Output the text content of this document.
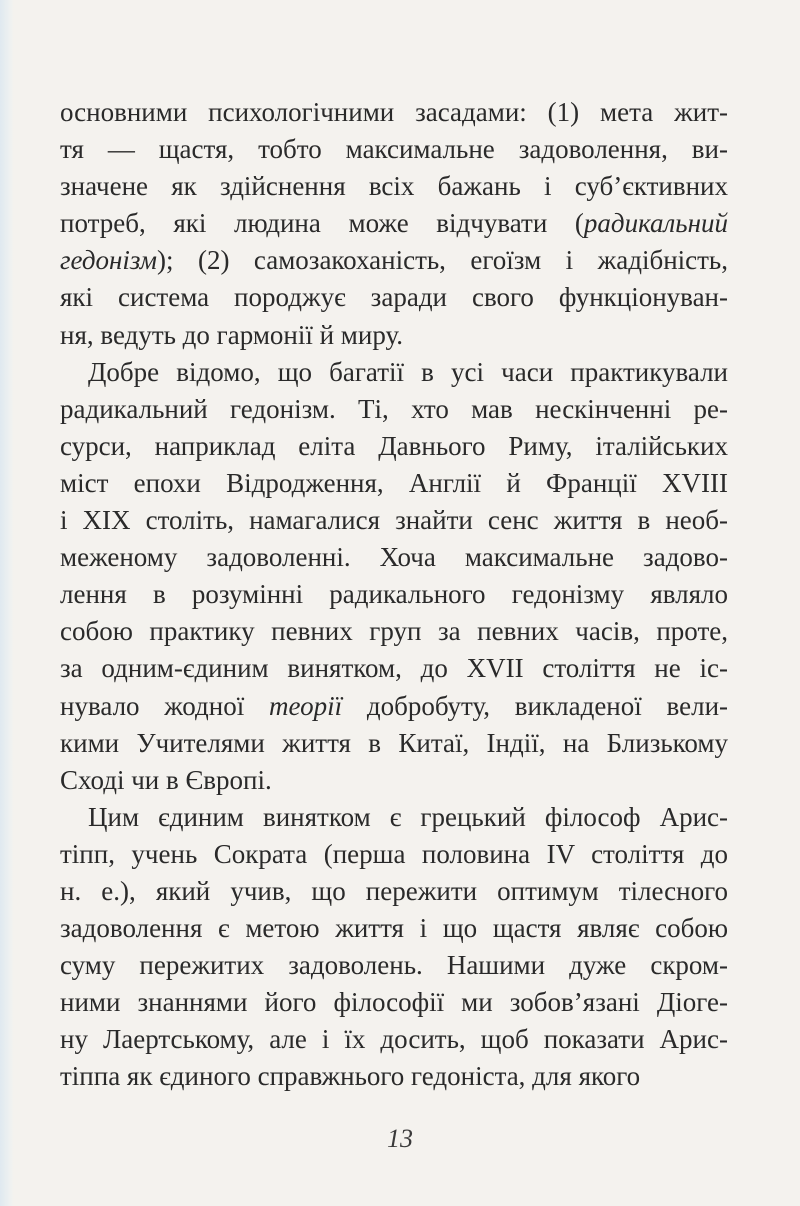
основними психологічними засадами: (1) мета жит-
тя — щастя, тобто максимальне задоволення, ви-
значене як здійснення всіх бажань і суб’єктивних
потреб, які людина може відчувати (радикальний
гедонізм); (2) самозакоханість, егоїзм і жадібність,
які система породжує заради свого функціонуван-
ня, ведуть до гармонії й миру.
Добре відомо, що багатії в усі часи практикували
радикальний гедонізм. Ті, хто мав нескінченні ре-
сурси, наприклад еліта Давнього Риму, італійських
міст епохи Відродження, Англії й Франції XVIII
і XIX століть, намагалися знайти сенс життя в необ-
меженому задоволенні. Хоча максимальне задово-
лення в розумінні радикального гедонізму являло
собою практику певних груп за певних часів, проте,
за одним-єдиним винятком, до XVII століття не іс-
нувало жодної теорії добробуту, викладеної вели-
кими Учителями життя в Китаї, Індії, на Близькому
Сході чи в Європі.
Цим єдиним винятком є грецький філософ Арис-
тіпп, учень Сократа (перша половина IV століття до
н. е.), який учив, що пережити оптимум тілесного
задоволення є метою життя і що щастя являє собою
суму пережитих задоволень. Нашими дуже скром-
ними знаннями його філософії ми зобов’язані Діоге-
ну Лаертському, але і їх досить, щоб показати Арис-
тіппа як єдиного справжнього гедоніста, для якого
13
